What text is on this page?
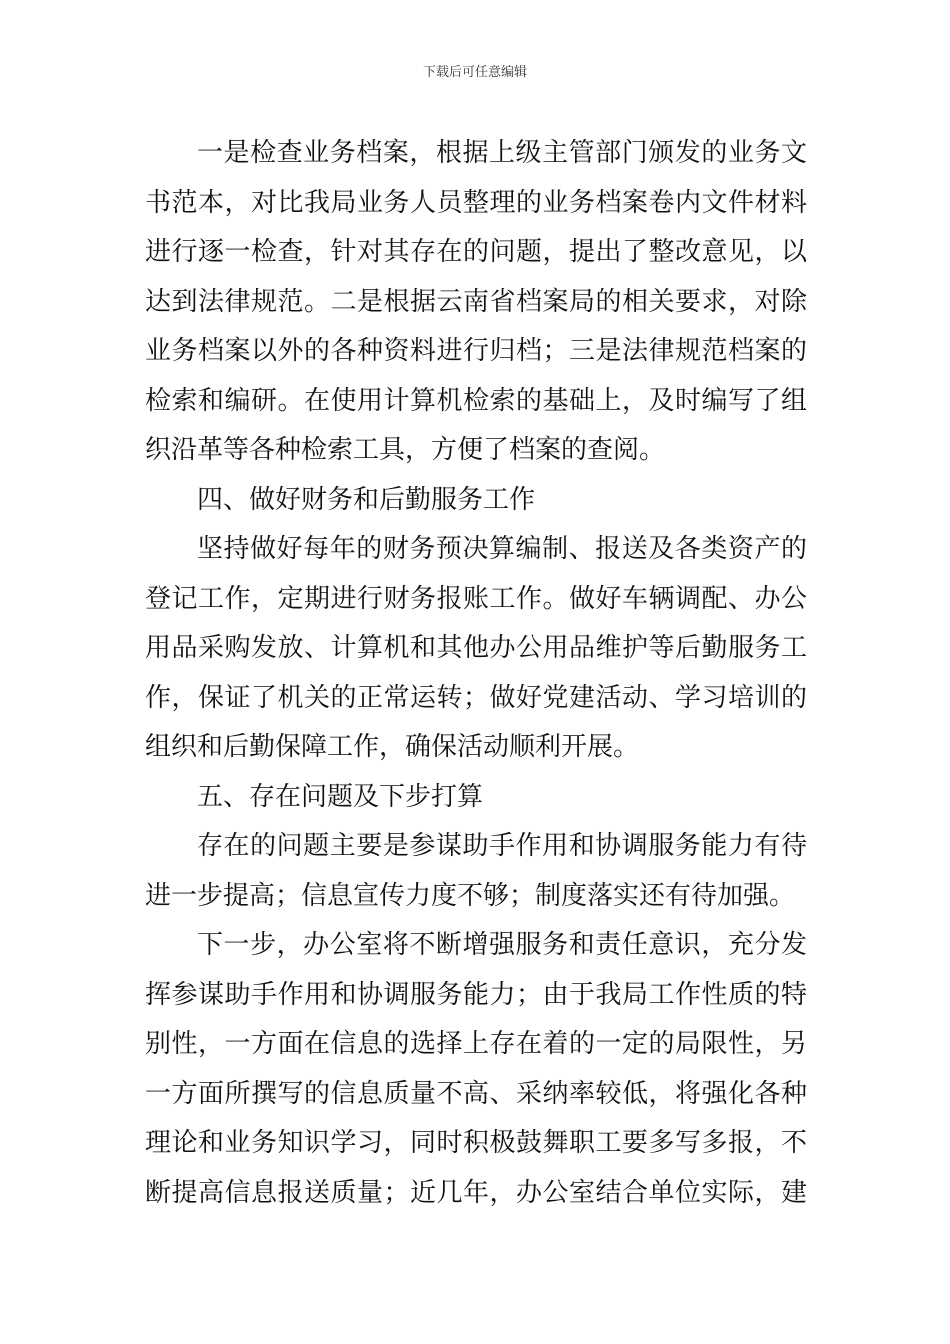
下载后可任意编辑
一是检查业务档案，根据上级主管部门颁发的业务文
书范本，对比我局业务人员整理的业务档案卷内文件材料
进行逐一检查，针对其存在的问题，提出了整改意见，以
达到法律规范。二是根据云南省档案局的相关要求，对除
业务档案以外的各种资料进行归档；三是法律规范档案的
检索和编研。在使用计算机检索的基础上，及时编写了组
织沿革等各种检索工具，方便了档案的查阅。
四、做好财务和后勤服务工作
坚持做好每年的财务预决算编制、报送及各类资产的
登记工作，定期进行财务报账工作。做好车辆调配、办公
用品采购发放、计算机和其他办公用品维护等后勤服务工
作，保证了机关的正常运转；做好党建活动、学习培训的
组织和后勤保障工作，确保活动顺利开展。
五、存在问题及下步打算
存在的问题主要是参谋助手作用和协调服务能力有待
进一步提高；信息宣传力度不够；制度落实还有待加强。
下一步，办公室将不断增强服务和责任意识，充分发
挥参谋助手作用和协调服务能力；由于我局工作性质的特
别性，一方面在信息的选择上存在着的一定的局限性，另
一方面所撰写的信息质量不高、采纳率较低，将强化各种
理论和业务知识学习，同时积极鼓舞职工要多写多报，不
断提高信息报送质量；近几年，办公室结合单位实际，建
